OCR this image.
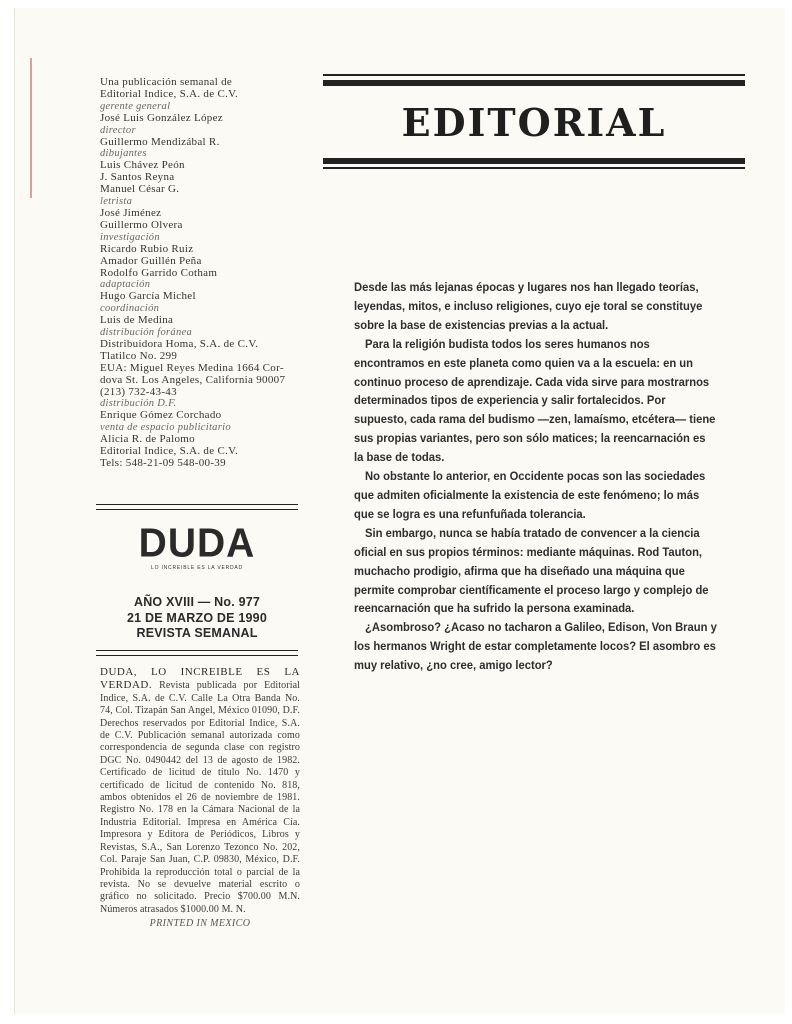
Una publicación semanal de
Editorial Indice, S.A. de C.V.
gerente general
José Luis González López
director
Guillermo Mendizábal R.
dibujantes
Luis Chávez Peón
J. Santos Reyna
Manuel César G.
letrista
José Jiménez
Guillermo Olvera
investigación
Ricardo Rubio Ruiz
Amador Guillén Peña
Rodolfo Garrido Cotham
adaptación
Hugo García Michel
coordinación
Luis de Medina
distribución foránea
Distribuidora Homa, S.A. de C.V.
Tlatilco No. 299
EUA: Miguel Reyes Medina 1664 Cor-
dova St. Los Angeles, California 90007
(213) 732-43-43
distribución D.F.
Enrique Gómez Corchado
venta de espacio publicitario
Alicia R. de Palomo
Editorial Indice, S.A. de C.V.
Tels: 548-21-09 548-00-39
DUDA
LO INCREIBLE ES LA VERDAD
AÑO XVIII — No. 977
21 DE MARZO DE 1990
REVISTA SEMANAL
DUDA, LO INCREIBLE ES LA VERDAD. Revista publicada por Editorial Indice, S.A. de C.V. Calle La Otra Banda No. 74, Col. Tizapán San Angel, México 01090, D.F. Derechos reservados por Editorial Indice, S.A. de C.V. Publicación semanal autorizada como correspondencia de segunda clase con registro DGC No. 0490442 del 13 de agosto de 1982. Certificado de licitud de título No. 1470 y certificado de licitud de contenido No. 818, ambos obtenidos el 26 de noviembre de 1981. Registro No. 178 en la Cámara Nacional de la Industria Editorial. Impresa en América Cía. Impresora y Editora de Periódicos, Libros y Revistas, S.A., San Lorenzo Tezonco No. 202, Col. Paraje San Juan, C.P. 09830, México, D.F. Prohibida la reproducción total o parcial de la revista. No se devuelve material escrito o gráfico no solicitado. Precio $700.00 M.N. Números atrasados $1000.00 M. N.
PRINTED IN MEXICO
EDITORIAL
Desde las más lejanas épocas y lugares nos han llegado teorías,
leyendas, mitos, e incluso religiones, cuyo eje toral se constituye
sobre la base de existencias previas a la actual.
Para la religión budista todos los seres humanos nos
encontramos en este planeta como quien va a la escuela: en un
continuo proceso de aprendizaje. Cada vida sirve para mostrarnos
determinados tipos de experiencia y salir fortalecidos. Por
supuesto, cada rama del budismo —zen, lamaísmo, etcétera— tiene
sus propias variantes, pero son sólo matices; la reencarnación es
la base de todas.
No obstante lo anterior, en Occidente pocas son las sociedades
que admiten oficialmente la existencia de este fenómeno; lo más
que se logra es una refunfuñada tolerancia.
Sin embargo, nunca se había tratado de convencer a la ciencia
oficial en sus propios términos: mediante máquinas. Rod Tauton,
muchacho prodigio, afirma que ha diseñado una máquina que
permite comprobar científicamente el proceso largo y complejo de
reencarnación que ha sufrido la persona examinada.
¿Asombroso? ¿Acaso no tacharon a Galileo, Edison, Von Braun y
los hermanos Wright de estar completamente locos? El asombro es
muy relativo, ¿no cree, amigo lector?
